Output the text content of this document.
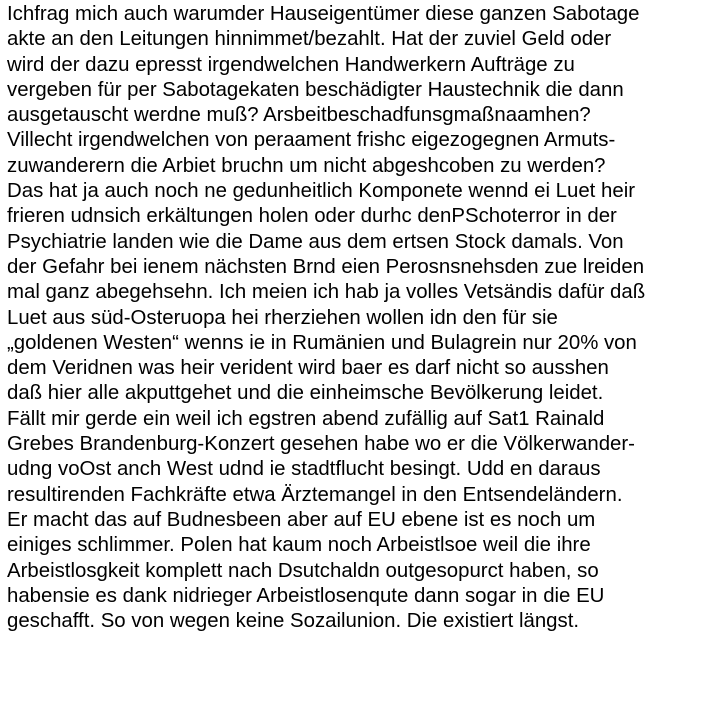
Ichfrag mich auch warumder Hauseigentümer diese ganzen Sabotage
akte an den Leitungen hinnimmet/bezahlt. Hat der zuviel Geld oder
wird der dazu epresst irgendwelchen Handwerkern Aufträge zu
vergeben für per Sabotagekaten beschädigter Haustechnik die dann
ausgetauscht werdne muß? Arsbeitbeschadfunsgmaßnaamhen?
Villecht irgendwelchen von peraament frishc eigezogegnen Armuts-
zuwanderern die Arbiet bruchn um nicht abgeshcoben zu werden?
Das hat ja auch noch ne gedunheitlich Komponete wennd ei Luet heir
frieren udnsich erkältungen holen oder durhc denPSchoterror in der
Psychiatrie landen wie die Dame aus dem ertsen Stock damals. Von
der Gefahr bei ienem nächsten Brnd eien Perosnsnehsden zue lreiden
mal ganz abegehsehn. Ich meien ich hab ja volles Vetsändis dafür daß
Luet aus süd-Osteruopa hei rherziehen wollen idn den für sie
„goldenen Westen“ wenns ie in Rumänien und Bulagrein nur 20% von
dem Veridnen was heir verident wird baer es darf nicht so ausshen
daß hier alle akputtgehet und die einheimsche Bevölkerung leidet.
Fällt mir gerde ein weil ich egstren abend zufällig auf Sat1 Rainald
Grebes Brandenburg-Konzert gesehen habe wo er die Völkerwander-
udng voOst anch West udnd ie stadtflucht besingt. Udd en daraus
resultirenden Fachkräfte etwa Ärztemangel in den Entsendeländern.
Er macht das auf Budnesbeen aber auf EU ebene ist es noch um
einiges schlimmer. Polen hat kaum noch Arbeistlsoe weil die ihre
Arbeistlosgkeit komplett nach Dsutchaldn outgesopurct haben, so
habensie es dank nidrieger Arbeistlosenqute dann sogar in die EU
geschafft. So von wegen keine Sozailunion. Die existiert längst.
